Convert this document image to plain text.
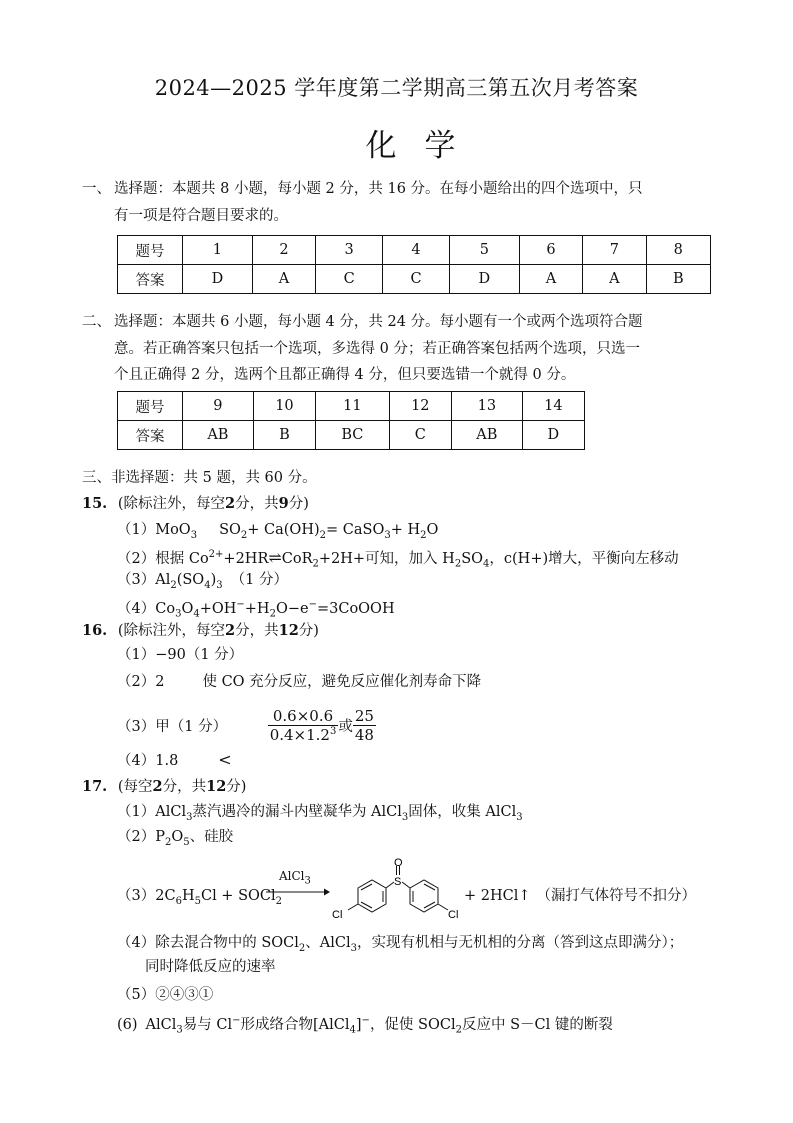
2024—2025 学年度第二学期高三第五次月考答案
化学
一、 选择题：本题共 8 小题，每小题 2 分，共 16 分。在每小题给出的四个选项中，只
有一项是符合题目要求的。
题号	1	2	3	4	5	6	7	8
答案	D	A	C	C	D	A	A	B
二、 选择题：本题共 6 小题，每小题 4 分，共 24 分。每小题有一个或两个选项符合题
意。若正确答案只包括一个选项，多选得 0 分；若正确答案包括两个选项，只选一
个且正确得 2 分，选两个且都正确得 4 分，但只要选错一个就得 0 分。
题号	9	10	11	12	13	14
答案	AB	B	BC	C	AB	D
三、非选择题：共 5 题，共 60 分。
15. (除标注外，每空2分，共9分)
（1）MoO$_3$ $SO_2+ Ca(OH)_2=$ CaSO$_3$+ $H_2O$
（2）根据 $Co^{2+}+2HR\rightleftharpoons CoR_2+2H+$可知，加入 $H_2SO_4$，c(H+)增大，平衡向左移动
$(3)Al_2(SO_4)_3$ （1 分）
$(4)Co_3O_4+OH^-+H_2O-e^-=3CoOOH$
16. (除标注外，每空2分，共12分)
（1）−90（1 分）
（2）2	使 CO 充分反应，避免反应催化剂寿命下降
（3）甲（1 分）	$\frac{0.6\times 0.6}{0.4\times 1.2^3}$ 或 $\frac{25}{48}$
（4）1.8	<
17. (每空2分，共12分)
（1）AlCl$_3$蒸汽遇冷的漏斗内壁凝华为 AlCl$_3$固体，收集 AlCl$_3$
$(2)P_2O_5$、硅胶
$(3)2C_6H_5Cl$ + SOCl$_2$
AlCl$_3$	S
O
Cl	Cl
+ 2HCl↑ （漏打气体符号不扣分）
（4）除去混合物中的 SOCl$_2$、AlCl$_3$，实现有机相与无机相的分离（答到这点即满分）；
同时降低反应的速率
（5）②④③①
(6) AlCl$_3$易与 Cl−形成络合物[AlCl$_4$]−，促使 SOCl$_2$反应中 S－Cl 键的断裂
